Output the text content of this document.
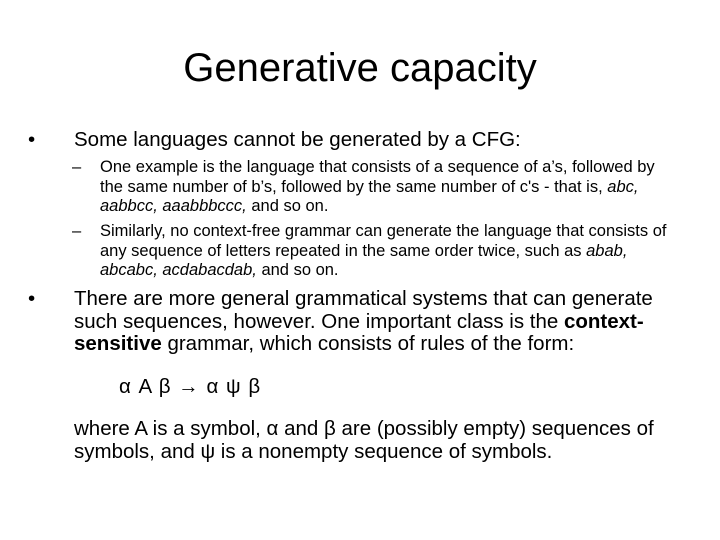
Generative capacity
• Some languages cannot be generated by a CFG:
– One example is the language that consists of a sequence of a’s, followed by the same number of b’s, followed by the same number of c's - that is, abc, aabbcc, aaabbbccc, and so on.
– Similarly, no context-free grammar can generate the language that consists of any sequence of letters repeated in the same order twice, such as abab, abcabc, acdabacdab, and so on.
• There are more general grammatical systems that can generate such sequences, however. One important class is the context-sensitive grammar, which consists of rules of the form:
α A β → α ψ β
where A is a symbol, α and β are (possibly empty) sequences of symbols, and ψ is a nonempty sequence of symbols.
